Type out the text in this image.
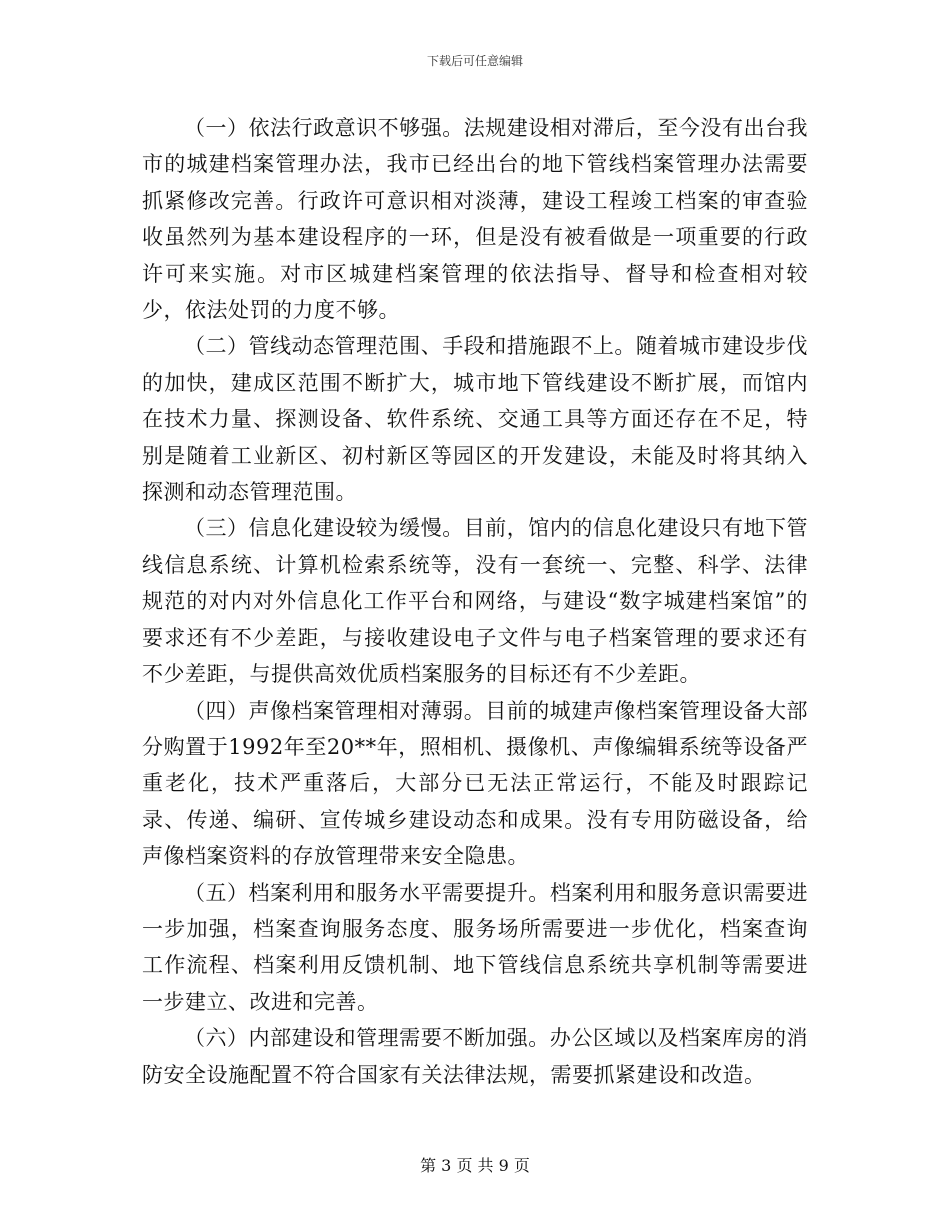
下载后可任意编辑

（一）依法行政意识不够强。法规建设相对滞后，至今没有出台我市的城建档案管理办法，我市已经出台的地下管线档案管理办法需要抓紧修改完善。行政许可意识相对淡薄，建设工程竣工档案的审查验收虽然列为基本建设程序的一环，但是没有被看做是一项重要的行政许可来实施。对市区城建档案管理的依法指导、督导和检查相对较少，依法处罚的力度不够。

（二）管线动态管理范围、手段和措施跟不上。随着城市建设步伐的加快，建成区范围不断扩大，城市地下管线建设不断扩展，而馆内在技术力量、探测设备、软件系统、交通工具等方面还存在不足，特别是随着工业新区、初村新区等园区的开发建设，未能及时将其纳入探测和动态管理范围。

（三）信息化建设较为缓慢。目前，馆内的信息化建设只有地下管线信息系统、计算机检索系统等，没有一套统一、完整、科学、法律规范的对内对外信息化工作平台和网络，与建设“数字城建档案馆”的要求还有不少差距，与接收建设电子文件与电子档案管理的要求还有不少差距，与提供高效优质档案服务的目标还有不少差距。

（四）声像档案管理相对薄弱。目前的城建声像档案管理设备大部分购置于1992年至20**年，照相机、摄像机、声像编辑系统等设备严重老化，技术严重落后，大部分已无法正常运行，不能及时跟踪记录、传递、编研、宣传城乡建设动态和成果。没有专用防磁设备，给声像档案资料的存放管理带来安全隐患。

（五）档案利用和服务水平需要提升。档案利用和服务意识需要进一步加强，档案查询服务态度、服务场所需要进一步优化，档案查询工作流程、档案利用反馈机制、地下管线信息系统共享机制等需要进一步建立、改进和完善。

（六）内部建设和管理需要不断加强。办公区域以及档案库房的消防安全设施配置不符合国家有关法律法规，需要抓紧建设和改造。

第 3 页 共 9 页
